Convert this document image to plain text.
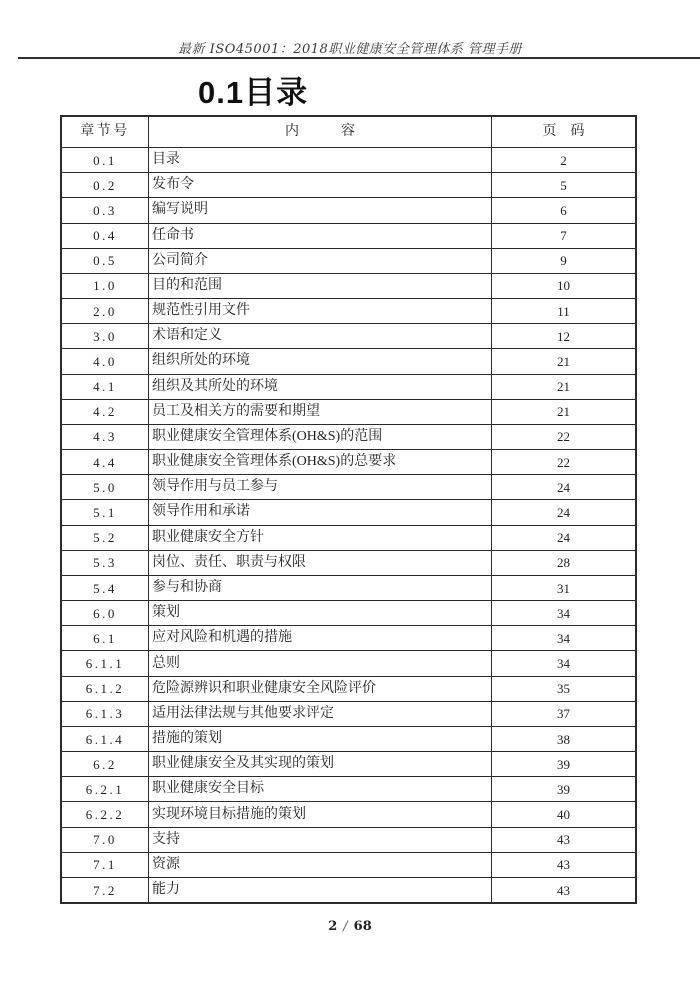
最新 ISO45001：2018职业健康安全管理体系 管理手册
0.1目录
章节号	内　　　容	页　码
0.1	目录	2
0.2	发布令	5
0.3	编写说明	6
0.4	任命书	7
0.5	公司简介	9
1.0	目的和范围	10
2.0	规范性引用文件	11
3.0	术语和定义	12
4.0	组织所处的环境	21
4.1	组织及其所处的环境	21
4.2	员工及相关方的需要和期望	21
4.3	职业健康安全管理体系(OH&S)的范围	22
4.4	职业健康安全管理体系(OH&S)的总要求	22
5.0	领导作用与员工参与	24
5.1	领导作用和承诺	24
5.2	职业健康安全方针	24
5.3	岗位、责任、职责与权限	28
5.4	参与和协商	31
6.0	策划	34
6.1	应对风险和机遇的措施	34
6.1.1	总则	34
6.1.2	危险源辨识和职业健康安全风险评价	35
6.1.3	适用法律法规与其他要求评定	37
6.1.4	措施的策划	38
6.2	职业健康安全及其实现的策划	39
6.2.1	职业健康安全目标	39
6.2.2	实现环境目标措施的策划	40
7.0	支持	43
7.1	资源	43
7.2	能力	43
2 / 68
